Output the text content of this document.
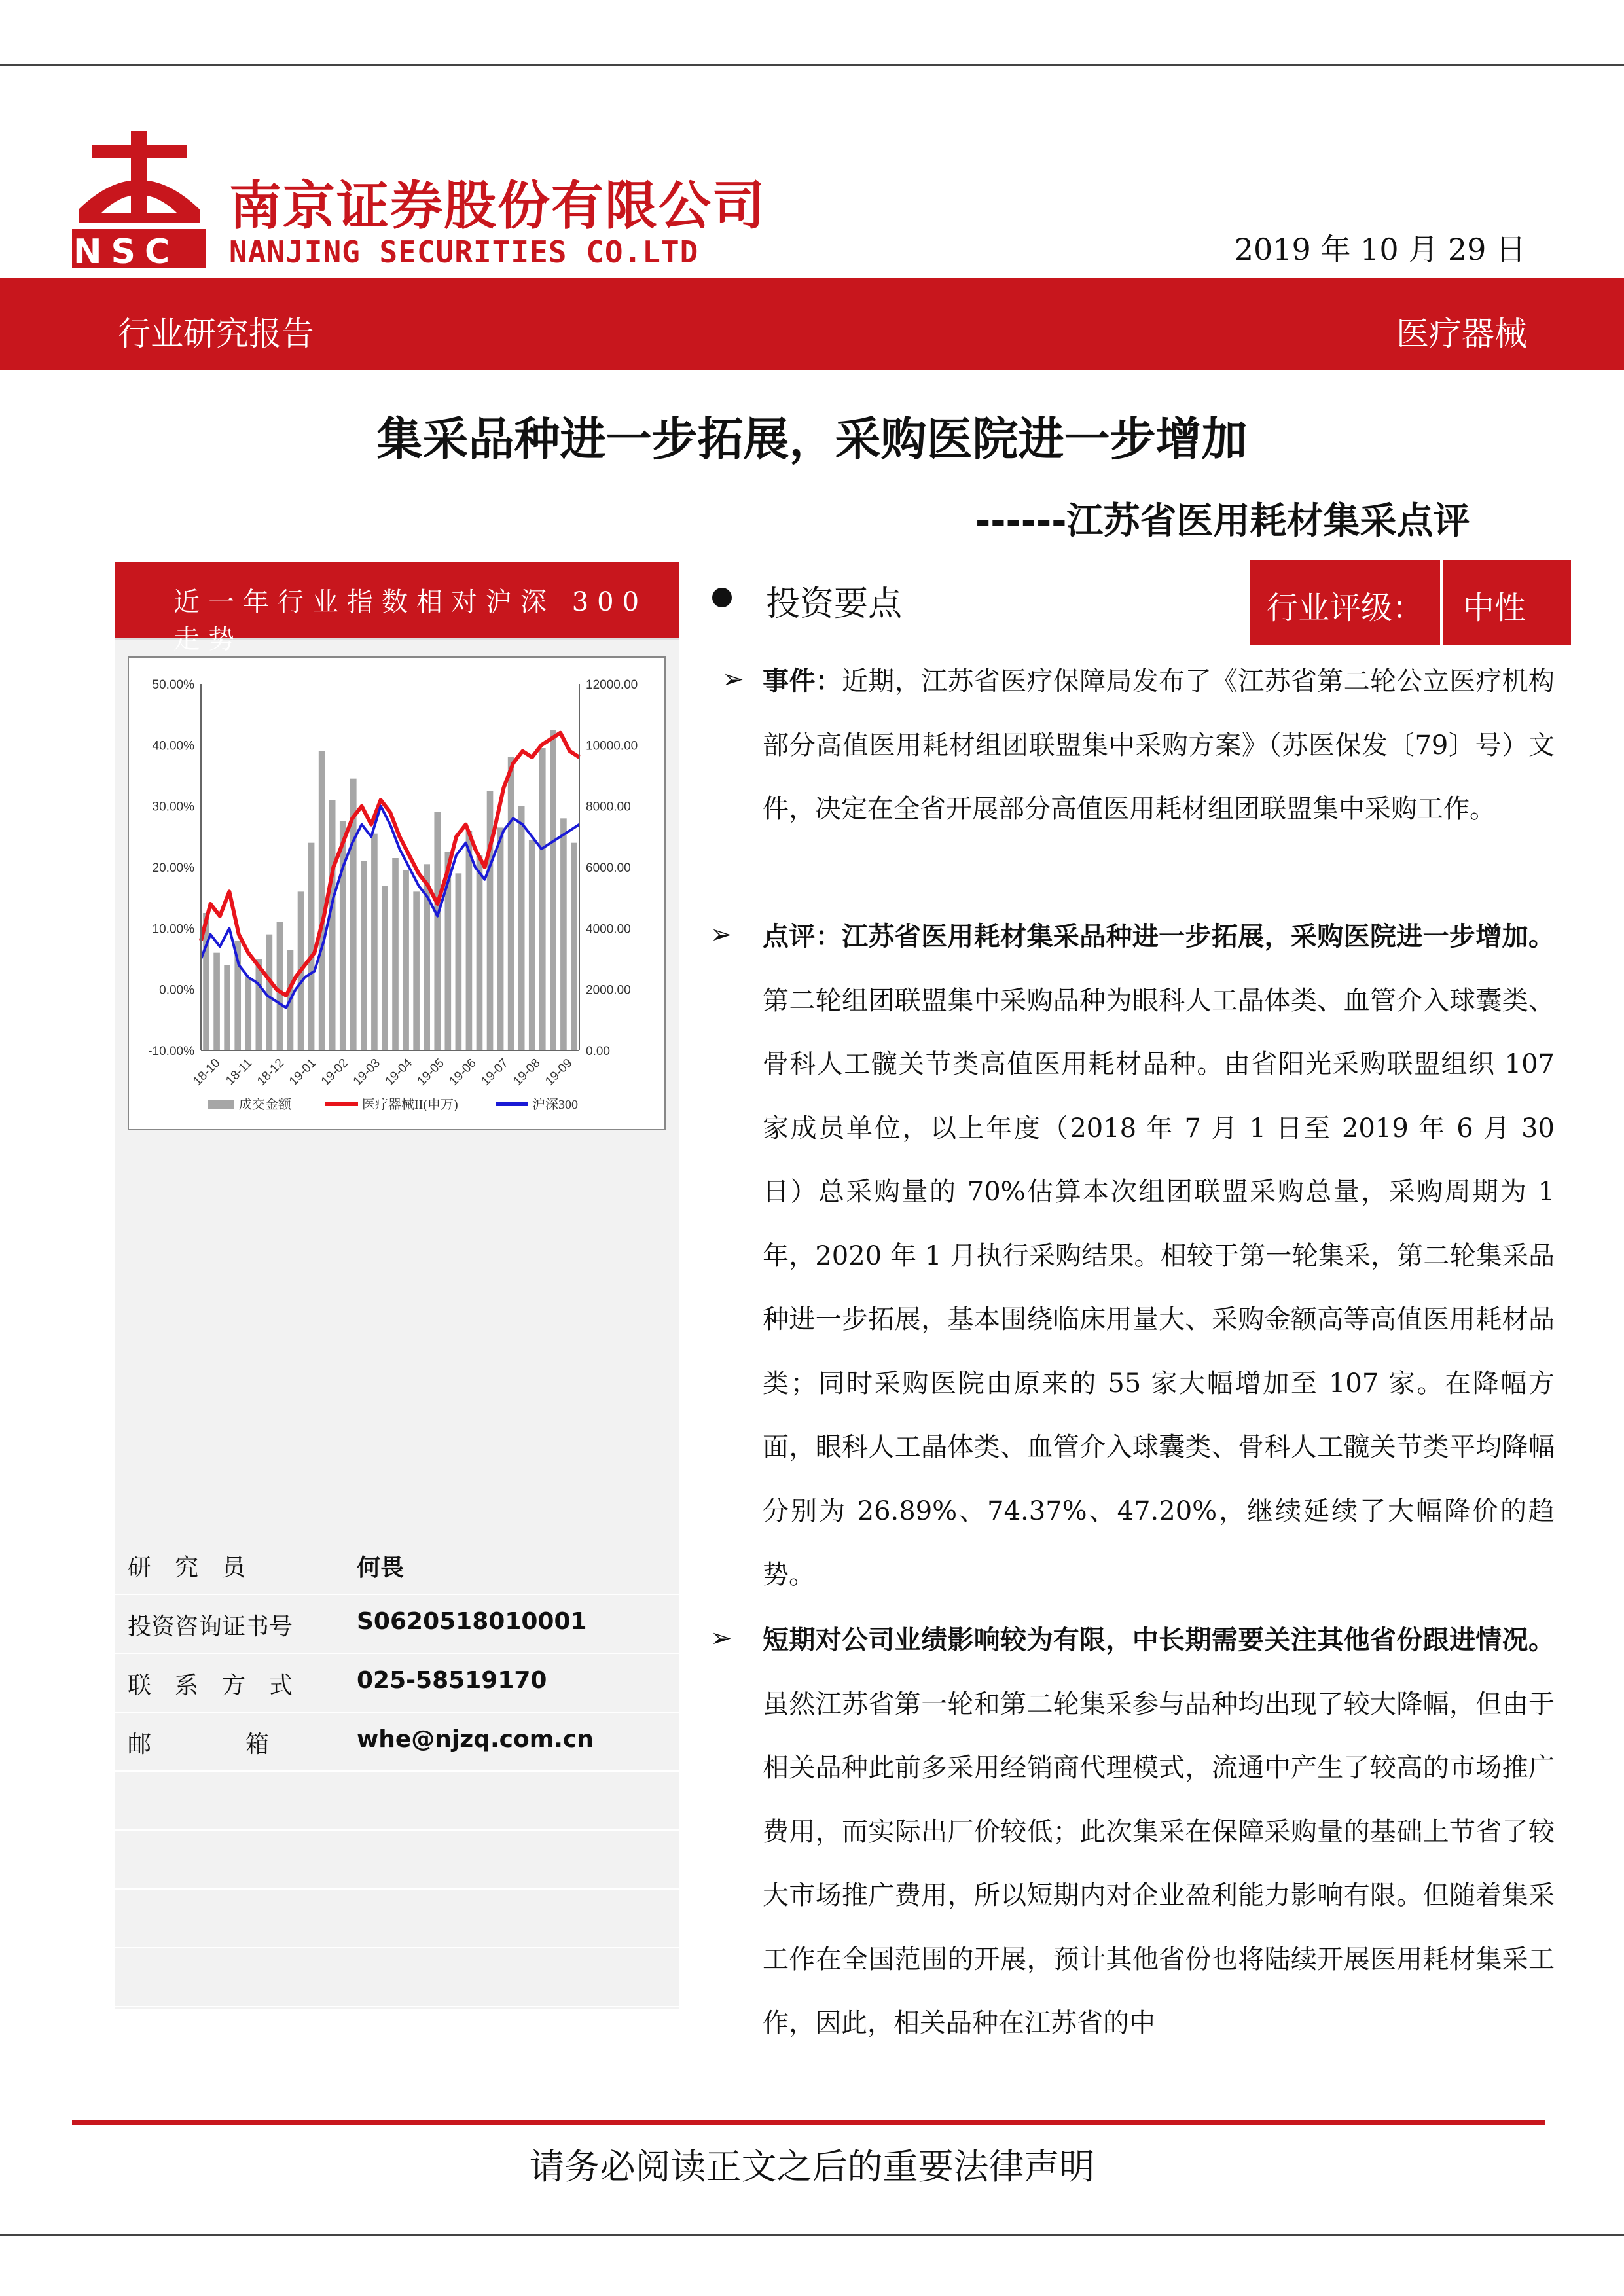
NSC
南京证券股份有限公司
NANJING SECURITIES CO.LTD	2019 年 10 月 29 日
行业研究报告	医疗器械
集采品种进一步拓展，采购医院进一步增加
------江苏省医用耗材集采点评
近一年行业指数相对沪深 300 走势
50.00%
40.00%
30.00%
20.00%
10.00%
0.00%
-10.00%
12000.00
10000.00
8000.00
6000.00
4000.00
2000.00
0.00
18-10 18-11 18-12 19-01 19-02 19-03 19-04 19-05 19-06 19-07 19-08 19-09
成交金额	医疗器械II(申万)	沪深300
研　究　员	何畏
投资咨询证书号	S0620518010001
联　系　方　式	025-58519170
邮　　　　箱	whe@njzq.com.cn
投资要点	行业评级： 中性
➢ 事件：近期，江苏省医疗保障局发布了《江苏省第二轮公立医疗机构部分高值医用耗材组团联盟集中采购方案》（苏医保发〔79〕号）文件，决定在全省开展部分高值医用耗材组团联盟集中采购工作。
➢ 点评：江苏省医用耗材集采品种进一步拓展，采购医院进一步增加。第二轮组团联盟集中采购品种为眼科人工晶体类、血管介入球囊类、骨科人工髋关节类高值医用耗材品种。由省阳光采购联盟组织 107 家成员单位，以上年度（2018 年 7 月 1 日至 2019 年 6 月 30 日）总采购量的 70%估算本次组团联盟采购总量，采购周期为 1 年，2020 年 1 月执行采购结果。相较于第一轮集采，第二轮集采品种进一步拓展，基本围绕临床用量大、采购金额高等高值医用耗材品类；同时采购医院由原来的 55 家大幅增加至 107 家。在降幅方面，眼科人工晶体类、血管介入球囊类、骨科人工髋关节类平均降幅分别为 26.89%、74.37%、47.20%，继续延续了大幅降价的趋势。
➢ 短期对公司业绩影响较为有限，中长期需要关注其他省份跟进情况。虽然江苏省第一轮和第二轮集采参与品种均出现了较大降幅，但由于相关品种此前多采用经销商代理模式，流通中产生了较高的市场推广费用，而实际出厂价较低；此次集采在保障采购量的基础上节省了较大市场推广费用，所以短期内对企业盈利能力影响有限。但随着集采工作在全国范围的开展，预计其他省份也将陆续开展医用耗材集采工作，因此，相关品种在江苏省的中
请务必阅读正文之后的重要法律声明
